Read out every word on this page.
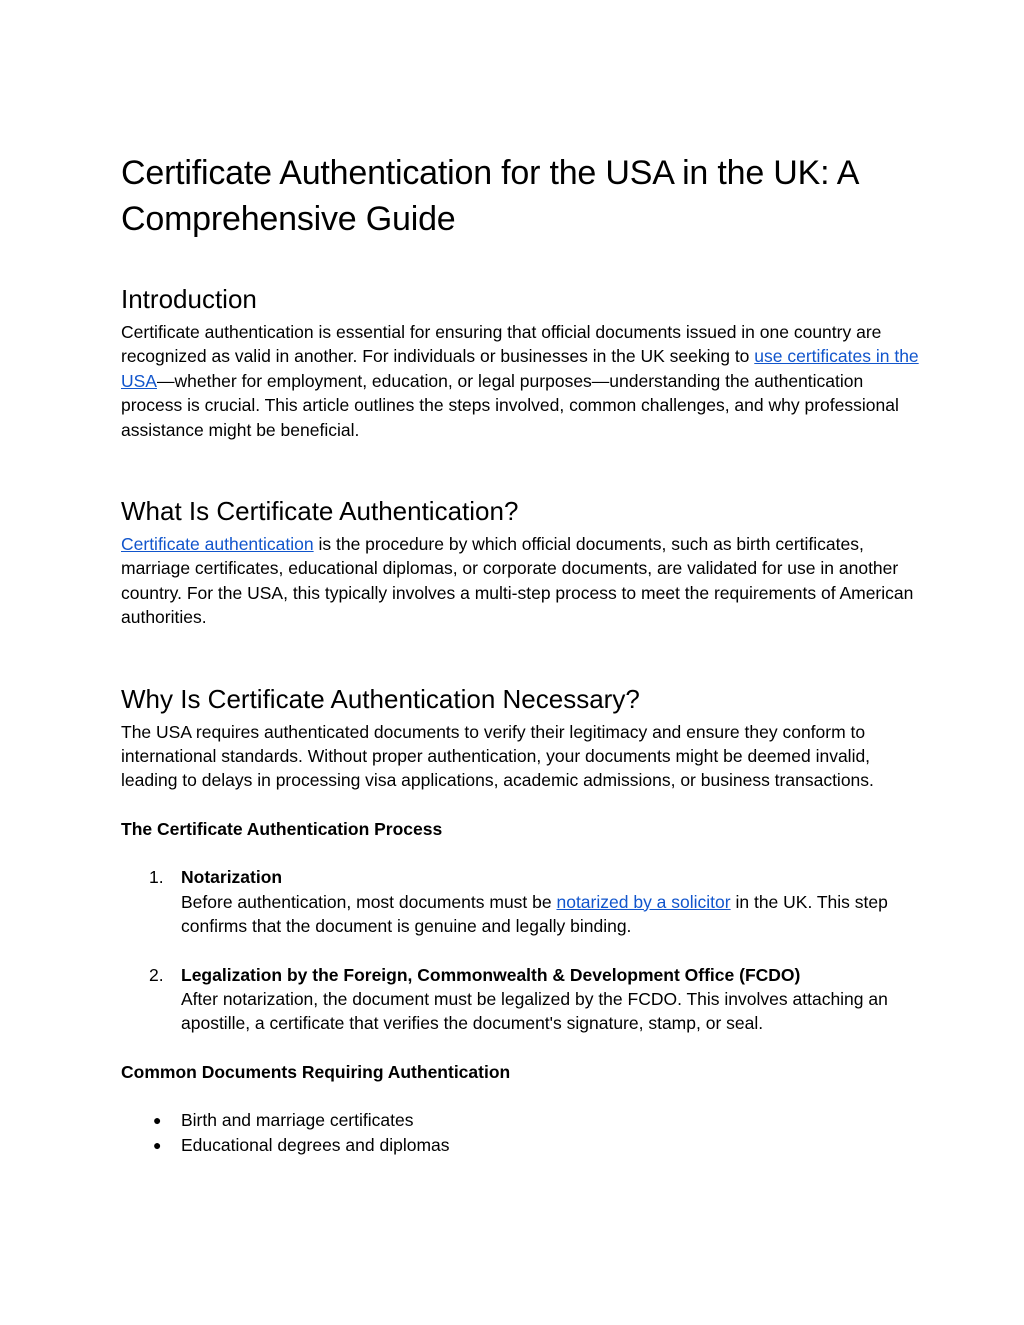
Certificate Authentication for the USA in the UK: A Comprehensive Guide
Introduction

Certificate authentication is essential for ensuring that official documents issued in one country are recognized as valid in another. For individuals or businesses in the UK seeking to use certificates in the USA—whether for employment, education, or legal purposes—understanding the authentication process is crucial. This article outlines the steps involved, common challenges, and why professional assistance might be beneficial.

What Is Certificate Authentication?

Certificate authentication is the procedure by which official documents, such as birth certificates, marriage certificates, educational diplomas, or corporate documents, are validated for use in another country. For the USA, this typically involves a multi-step process to meet the requirements of American authorities.

Why Is Certificate Authentication Necessary?

The USA requires authenticated documents to verify their legitimacy and ensure they conform to international standards. Without proper authentication, your documents might be deemed invalid, leading to delays in processing visa applications, academic admissions, or business transactions.

The Certificate Authentication Process
1. Notarization
Before authentication, most documents must be notarized by a solicitor in the UK. This step confirms that the document is genuine and legally binding.
2. Legalization by the Foreign, Commonwealth & Development Office (FCDO)
After notarization, the document must be legalized by the FCDO. This involves attaching an apostille, a certificate that verifies the document's signature, stamp, or seal.
Common Documents Requiring Authentication
● Birth and marriage certificates
● Educational degrees and diplomas
